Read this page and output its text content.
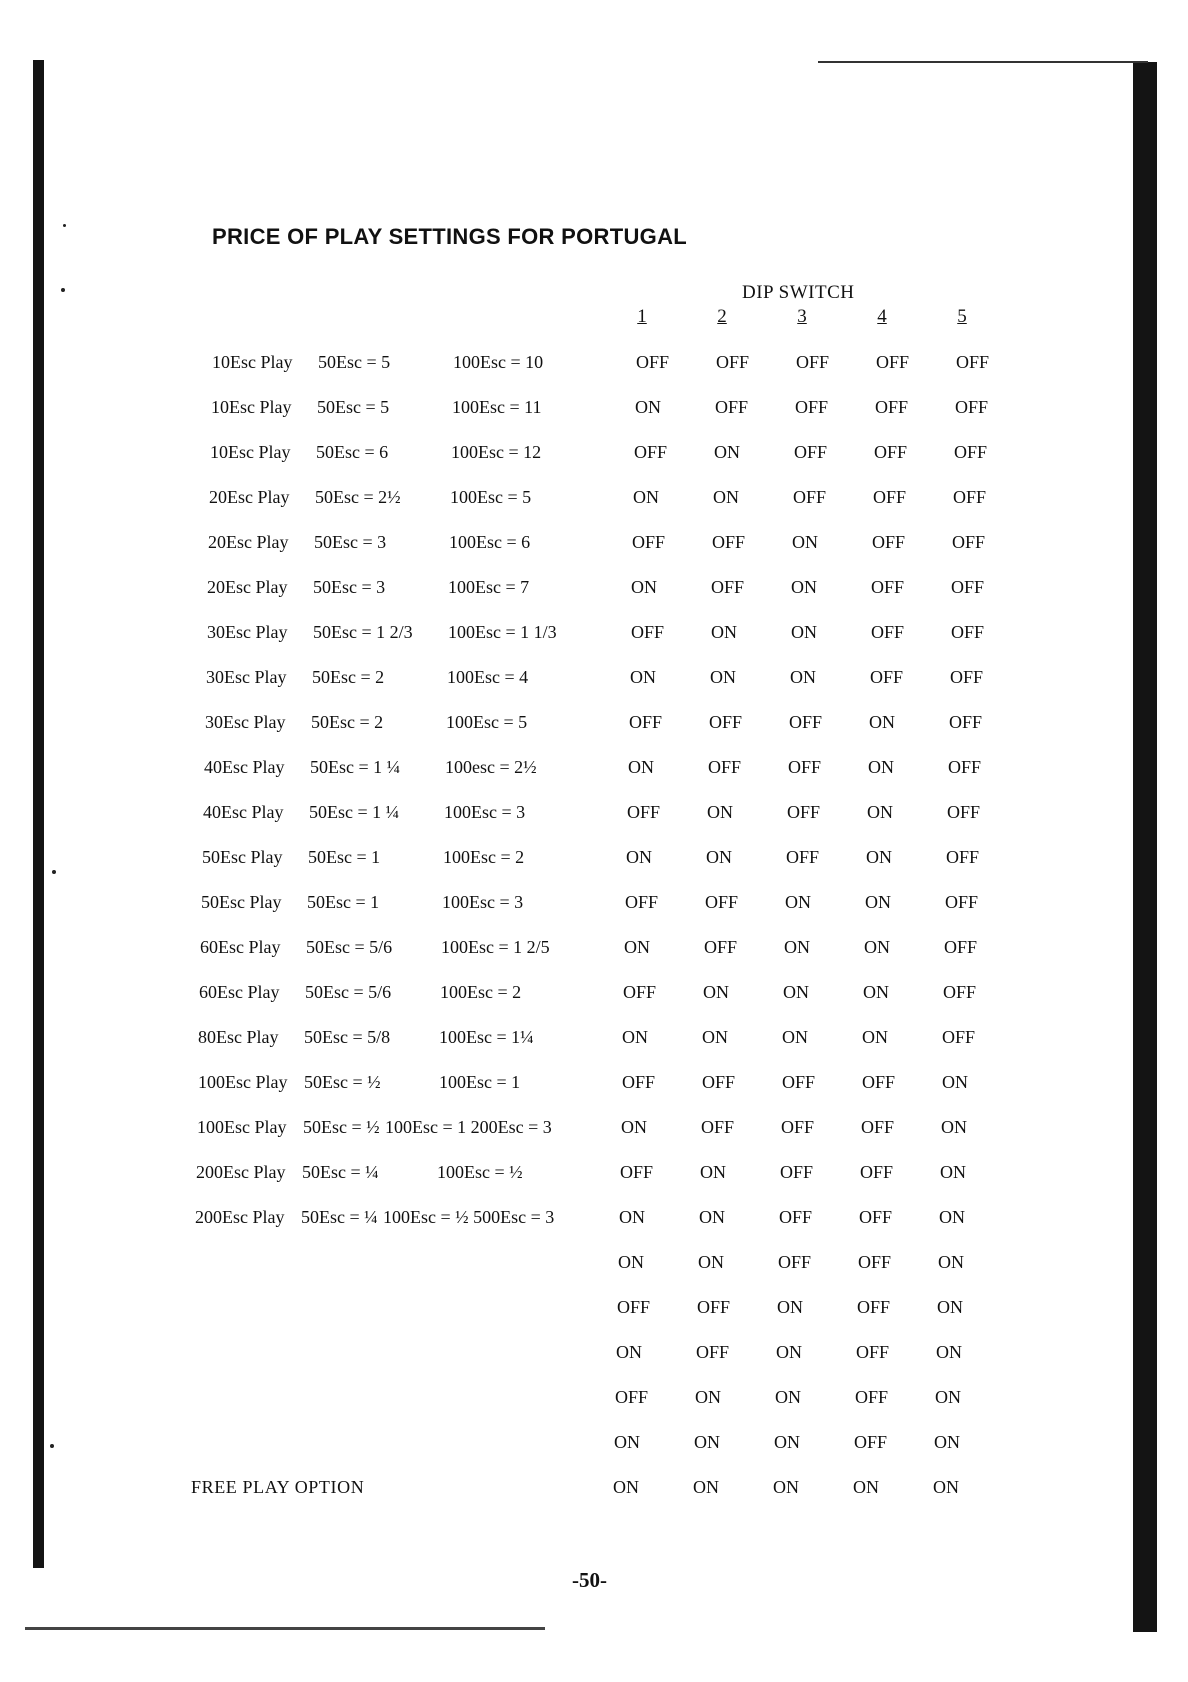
PRICE OF PLAY SETTINGS FOR PORTUGAL
DIP SWITCH
1	2	3	4	5
10Esc Play 50Esc = 5	100Esc = 10	OFF	OFF	OFF	OFF	OFF
10Esc Play 50Esc = 5	100Esc = 11	ON	OFF	OFF	OFF	OFF
10Esc Play 50Esc = 6	100Esc = 12	OFF	ON	OFF	OFF	OFF
20Esc Play 50Esc = 2½	100Esc = 5	ON	ON	OFF	OFF	OFF
20Esc Play 50Esc = 3	100Esc = 6	OFF	OFF	ON	OFF	OFF
20Esc Play 50Esc = 3	100Esc = 7	ON	OFF	ON	OFF	OFF
30Esc Play 50Esc = 1 2/3 100Esc = 1 1/3	OFF	ON	ON	OFF	OFF
30Esc Play 50Esc = 2	100Esc = 4	ON	ON	ON	OFF	OFF
30Esc Play 50Esc = 2	100Esc = 5	OFF	OFF	OFF	ON	OFF
40Esc Play 50Esc = 1 ¼ 100esc = 2½	ON	OFF	OFF	ON	OFF
40Esc Play 50Esc = 1 ¼ 100Esc = 3	OFF	ON	OFF	ON	OFF
50Esc Play 50Esc = 1	100Esc = 2	ON	ON	OFF	ON	OFF
50Esc Play 50Esc = 1	100Esc = 3	OFF	OFF	ON	ON	OFF
60Esc Play 50Esc = 5/6	100Esc = 1 2/5	ON	OFF	ON	ON	OFF
60Esc Play 50Esc = 5/6	100Esc = 2	OFF	ON	ON	ON	OFF
80Esc Play 50Esc = 5/8	100Esc = 1¼	ON	ON	ON	ON	OFF
100Esc Play 50Esc = ½	100Esc = 1	OFF	OFF	OFF	OFF	ON
100Esc Play 50Esc = ½ 100Esc = 1 200Esc = 3	ON	OFF	OFF	OFF	ON
200Esc Play 50Esc = ¼	100Esc = ½	OFF	ON	OFF	OFF	ON
200Esc Play 50Esc = ¼ 100Esc = ½ 500Esc = 3	ON	ON	OFF	OFF	ON
ON	ON	OFF	OFF	ON
OFF	OFF	ON	OFF	ON
ON	OFF	ON	OFF	ON
OFF	ON	ON	OFF	ON
ON	ON	ON	OFF	ON
ON	ON	ON	ON	ON
FREE PLAY OPTION
-50-
